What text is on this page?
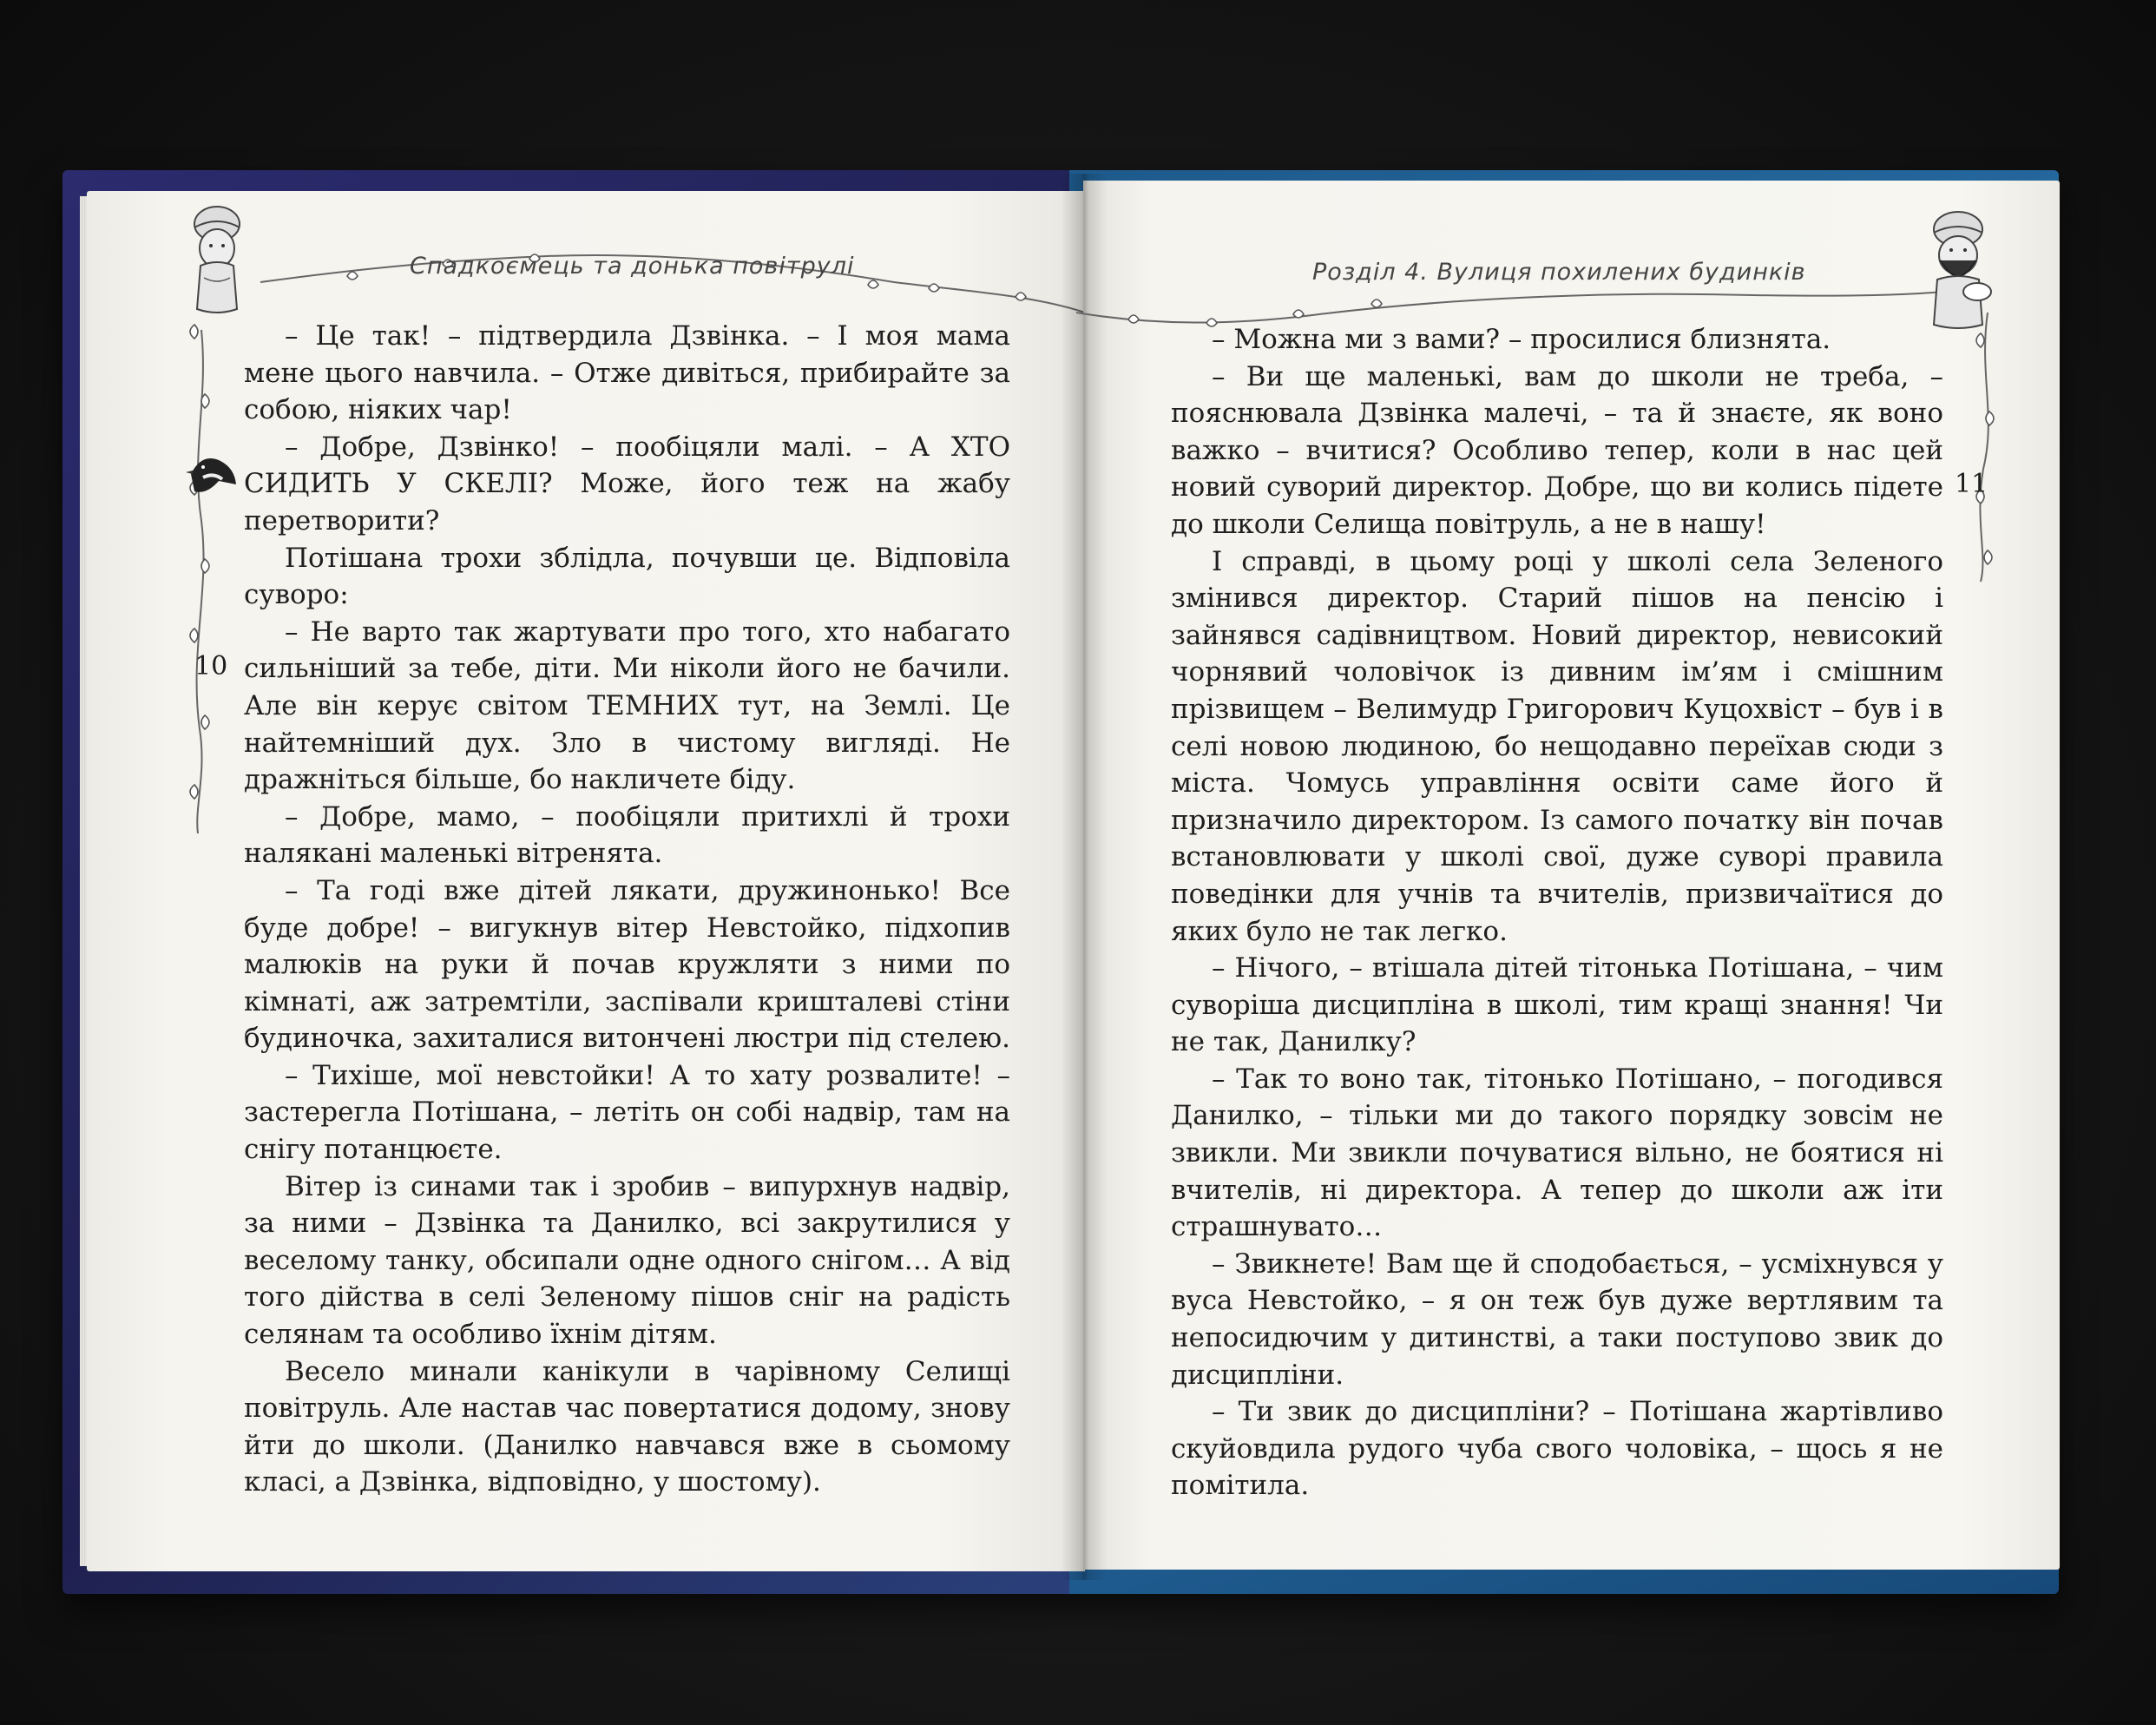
Спадкоємець та донька повітрулі
10

– Це так! – підтвердила Дзвінка. – І моя мама мене цього навчила. – Отже дивіться, прибирайте за собою, ніяких чар!

– Добре, Дзвінко! – пообіцяли малі. – А ХТО СИДИТЬ У СКЕЛІ? Може, його теж на жабу перетворити?

Потішана трохи зблідла, почувши це. Відповіла суворо:

– Не варто так жартувати про того, хто набагато сильніший за тебе, діти. Ми ніколи його не бачили. Але він керує світом ТЕМНИХ тут, на Землі. Це найтемніший дух. Зло в чистому вигляді. Не дражніться більше, бо накличете біду.

– Добре, мамо, – пообіцяли притихлі й трохи налякані маленькі вітренята.

– Та годі вже дітей лякати, дружинонько! Все буде добре! – вигукнув вітер Невстойко, підхопив малюків на руки й почав кружляти з ними по кімнаті, аж затремтіли, заспівали кришталеві стіни будиночка, захиталися витончені люстри під стелею.

– Тихіше, мої невстойки! А то хату розвалите! – застерегла Потішана, – летіть он собі надвір, там на снігу потанцюєте.

Вітер із синами так і зробив – випурхнув надвір, за ними – Дзвінка та Данилко, всі закрутилися у веселому танку, обсипали одне одного снігом… А від того дійства в селі Зеленому пішов сніг на радість селянам та особливо їхнім дітям.

Весело минали канікули в чарівному Селищі повітруль. Але настав час повертатися додому, знову йти до школи. (Данилко навчався вже в сьомому класі, а Дзвінка, відповідно, у шостому).

Розділ 4. Вулиця похилених будинків
11

– Можна ми з вами? – просилися близнята.

– Ви ще маленькі, вам до школи не треба, – пояснювала Дзвінка малечі, – та й знаєте, як воно важко – вчитися? Особливо тепер, коли в нас цей новий суворий директор. Добре, що ви колись підете до школи Селища повітруль, а не в нашу!

І справді, в цьому році у школі села Зеленого змінився директор. Старий пішов на пенсію і зайнявся садівництвом. Новий директор, невисокий чорнявий чоловічок із дивним ім’ям і смішним прізвищем – Велимудр Григорович Куцохвіст – був і в селі новою людиною, бо нещодавно переїхав сюди з міста. Чомусь управління освіти саме його й призначило директором. Із самого початку він почав встановлювати у школі свої, дуже суворі правила поведінки для учнів та вчителів, призвичаїтися до яких було не так легко.

– Нічого, – втішала дітей тітонька Потішана, – чим суворіша дисципліна в школі, тим кращі знання! Чи не так, Данилку?

– Так то воно так, тітонько Потішано, – погодився Данилко, – тільки ми до такого порядку зовсім не звикли. Ми звикли почуватися вільно, не боятися ні вчителів, ні директора. А тепер до школи аж іти страшнувато…

– Звикнете! Вам ще й сподобається, – усміхнувся у вуса Невстойко, – я он теж був дуже вертлявим та непосидючим у дитинстві, а таки поступово звик до дисципліни.

– Ти звик до дисципліни? – Потішана жартівливо скуйовдила рудого чуба свого чоловіка, – щось я не помітила.
